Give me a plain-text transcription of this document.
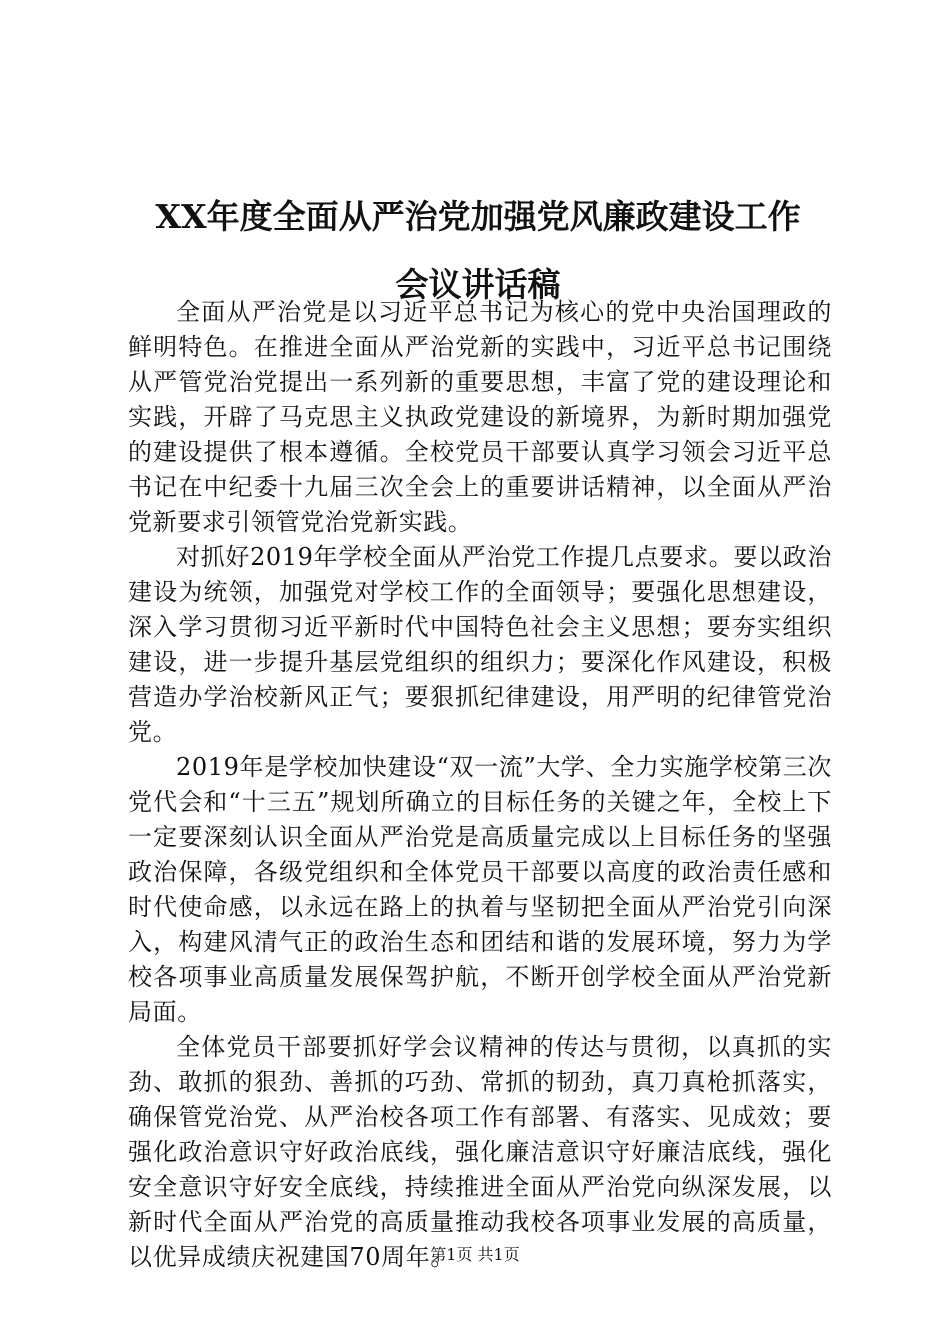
XX年度全面从严治党加强党风廉政建设工作
会议讲话稿

全面从严治党是以习近平总书记为核心的党中央治国理政的鲜明特色。在推进全面从严治党新的实践中，习近平总书记围绕从严管党治党提出一系列新的重要思想，丰富了党的建设理论和实践，开辟了马克思主义执政党建设的新境界，为新时期加强党的建设提供了根本遵循。全校党员干部要认真学习领会习近平总书记在中纪委十九届三次全会上的重要讲话精神，以全面从严治党新要求引领管党治党新实践。

对抓好2019年学校全面从严治党工作提几点要求。要以政治建设为统领，加强党对学校工作的全面领导；要强化思想建设，深入学习贯彻习近平新时代中国特色社会主义思想；要夯实组织建设，进一步提升基层党组织的组织力；要深化作风建设，积极营造办学治校新风正气；要狠抓纪律建设，用严明的纪律管党治党。

2019年是学校加快建设“双一流”大学、全力实施学校第三次党代会和“十三五”规划所确立的目标任务的关键之年，全校上下一定要深刻认识全面从严治党是高质量完成以上目标任务的坚强政治保障，各级党组织和全体党员干部要以高度的政治责任感和时代使命感，以永远在路上的执着与坚韧把全面从严治党引向深入，构建风清气正的政治生态和团结和谐的发展环境，努力为学校各项事业高质量发展保驾护航，不断开创学校全面从严治党新局面。

全体党员干部要抓好学会议精神的传达与贯彻，以真抓的实劲、敢抓的狠劲、善抓的巧劲、常抓的韧劲，真刀真枪抓落实，确保管党治党、从严治校各项工作有部署、有落实、见成效；要强化政治意识守好政治底线，强化廉洁意识守好廉洁底线，强化安全意识守好安全底线，持续推进全面从严治党向纵深发展，以新时代全面从严治党的高质量推动我校各项事业发展的高质量，以优异成绩庆祝建国70周年。

第1页 共1页
